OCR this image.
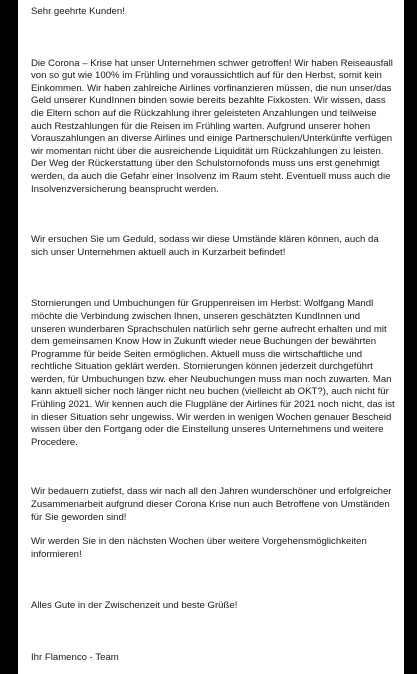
Sehr geehrte Kunden!

Die Corona – Krise hat unser Unternehmen schwer getroffen! Wir haben Reiseausfall von so gut wie 100% im Frühling und voraussichtlich auf für den Herbst, somit kein Einkommen. Wir haben zahlreiche Airlines vorfinanzieren müssen, die nun unser/das Geld unserer KundInnen binden sowie bereits bezahlte Fixkosten. Wir wissen, dass die Eltern schon auf die Rückzahlung ihrer geleisteten Anzahlungen und teilweise auch Restzahlungen für die Reisen im Frühling warten. Aufgrund unserer hohen Vorauszahlungen an diverse Airlines und einige Partnerschulen/Unterkünfte verfügen wir momentan nicht über die ausreichende Liquidität um Rückzahlungen zu leisten. Der Weg der Rückerstattung über den Schulstornofonds muss uns erst genehmigt werden, da auch die Gefahr einer Insolvenz im Raum steht. Eventuell muss auch die Insolvenzversicherung beansprucht werden.

Wir ersuchen Sie um Geduld, sodass wir diese Umstände klären können, auch da sich unser Unternehmen aktuell auch in Kurzarbeit befindet!

Stornierungen und Umbuchungen für Gruppenreisen im Herbst: Wolfgang Mandl möchte die Verbindung zwischen Ihnen, unseren geschätzten KundInnen und unseren wunderbaren Sprachschulen natürlich sehr gerne aufrecht erhalten und mit dem gemeinsamen Know How in Zukunft wieder neue Buchungen der bewährten Programme für beide Seiten ermöglichen. Aktuell muss die wirtschaftliche und rechtliche Situation geklärt werden. Stornierungen können jederzeit durchgeführt werden, für Umbuchungen bzw. eher Neubuchungen muss man noch zuwarten. Man kann aktuell sicher noch länger nicht neu buchen (vielleicht ab OKT?), auch nicht für Frühling 2021. Wir kennen auch die Flugpläne der Airlines für 2021 noch nicht, das ist in dieser Situation sehr ungewiss. Wir werden in wenigen Wochen genauer Bescheid wissen über den Fortgang oder die Einstellung unseres Unternehmens und weitere Procedere.

Wir bedauern zutiefst, dass wir nach all den Jahren wunderschöner und erfolgreicher Zusammenarbeit aufgrund dieser Corona Krise nun auch Betroffene von Umständen für Sie geworden sind!

Wir werden Sie in den nächsten Wochen über weitere Vorgehensmöglichkeiten informieren!

Alles Gute in der Zwischenzeit und beste Grüße!

Ihr Flamenco - Team
